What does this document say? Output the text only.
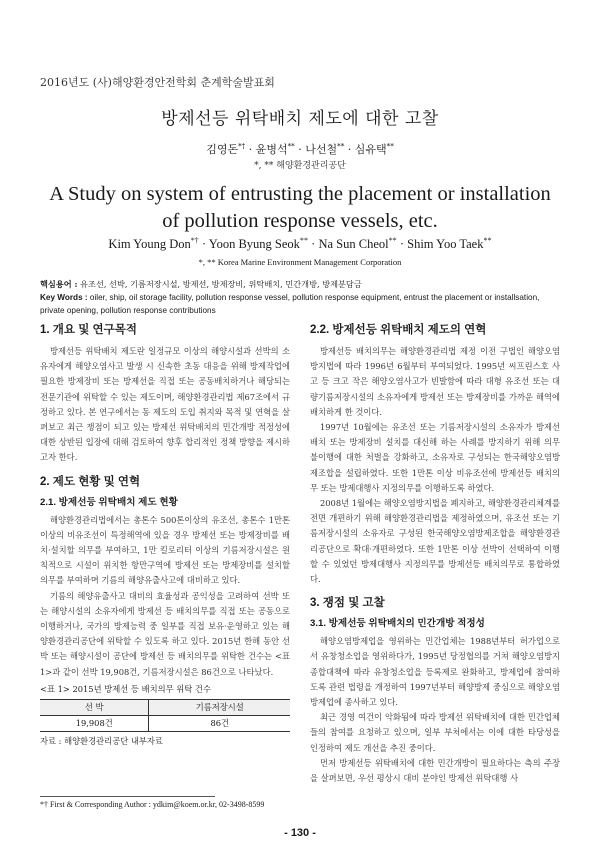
2016년도 (사)해양환경안전학회 춘계학술발표회
방제선등 위탁배치 제도에 대한 고찰
김영돈*† · 윤병석** · 나선철** · 심유택**
*, ** 해양환경관리공단
A Study on system of entrusting the placement or installation of pollution response vessels, etc.
Kim Young Don*† · Yoon Byung Seok** · Na Sun Cheol** · Shim Yoo Taek**
*, ** Korea Marine Environment Management Corporation
핵심용어 : 유조선, 선박, 기름저장시설, 방제선, 방제장비, 위탁배치, 민간개방, 방제분담금
Key Words : oiler, ship, oil storage facility, pollution response vessel, pollution response equipment, entrust the placement or installsation, private opening, pollution response contributions
1. 개요 및 연구목적

방제선등 위탁배치 제도란 일정규모 이상의 해양시설과 선박의 소유자에게 해양오염사고 발생 시 신속한 초동 대응을 위해 방제작업에 필요한 방제장비 또는 방제선을 직접 또는 공동배치하거나 해당되는 전문기관에 위탁할 수 있는 제도이며, 해양환경관리법 제67조에서 규정하고 있다. 본 연구에서는 동 제도의 도입 취지와 목적 및 연혁을 살펴보고 최근 쟁점이 되고 있는 방제선 위탁배치의 민간개방 적정성에 대한 상반된 입장에 대해 검토하여 향후 합리적인 정책 방향을 제시하고자 한다.

2. 제도 현황 및 연혁
2.1. 방제선등 위탁배치 제도 현황

해양환경관리법에서는 총톤수 500톤이상의 유조선, 총톤수 1만톤이상의 비유조선이 특정해역에 있을 경우 방제선 또는 방제장비를 배치·설치할 의무를 부여하고, 1만 킬로리터 이상의 기름저장시설은 원칙적으로 시설이 위치한 항만구역에 방제선 또는 방제장비를 설치할 의무를 부여하며 기름의 해양유출사고에 대비하고 있다.

기름의 해양유출사고 대비의 효율성과 공익성을 고려하여 선박 또는 해양시설의 소유자에게 방제선 등 배치의무를 직접 또는 공동으로 이행하거나, 국가의 방제능력 중 일부를 직접 보유·운영하고 있는 해양환경관리공단에 위탁할 수 있도록 하고 있다. 2015년 한해 동안 선박 또는 해양시설이 공단에 방제선 등 배치의무를 위탁한 건수는 <표1>과 같이 선박 19,908건, 기름저장시설은 86건으로 나타났다.

<표 1> 2015년 방제선 등 배치의무 위탁 건수
선 박	기름저장시설
19,908건	86건
자료 : 해양환경관리공단 내부자료
2.2. 방제선등 위탁배치 제도의 연혁

방제선등 배치의무는 해양환경관리법 제정 이전 구법인 해양오염방지법에 따라 1996년 6월부터 부여되었다. 1995년 씨프린스호 사고 등 크고 작은 해양오염사고가 빈발함에 따라 대형 유조선 또는 대량기름저장시설의 소유자에게 방제선 또는 방제장비를 가까운 해역에 배치하게 한 것이다.

1997년 10월에는 유조선 또는 기름저장시설의 소유자가 방제선 배치 또는 방제장비 설치를 대신해 하는 사례를 방지하기 위해 의무 불이행에 대한 처벌을 강화하고, 소유자로 구성되는 한국해양오염방제조합을 설립하였다. 또한 1만톤 이상 비유조선에 방제선등 배치의무 또는 방제대행사 지정의무를 이행하도록 하였다.

2008년 1월에는 해양오염방지법을 폐지하고, 해양환경관리체계를 전면 개편하기 위해 해양환경관리법을 제정하였으며, 유조선 또는 기름저장시설의 소유자로 구성된 한국해양오염방제조합을 해양환경관리공단으로 확대·개편하였다. 또한 1만톤 이상 선박이 선택하여 이행할 수 있었던 방제대행사 지정의무를 방제선등 배치의무로 통합하였다.

3. 쟁점 및 고찰
3.1. 방제선등 위탁배치의 민간개방 적정성

해양오염방제업을 영위하는 민간업체는 1988년부터 허가업으로서 유창청소업을 영위하다가, 1995년 당정협의를 거쳐 해양오염방지 종합대책에 따라 유창청소업을 등록제로 완화하고, 방제업에 참여하도록 관련 법령을 개정하여 1997년부터 해양방제 중심으로 해양오염방제업에 종사하고 있다.

최근 경영 여건이 악화됨에 따라 방제선 위탁배치에 대한 민간업체들의 참여를 요청하고 있으며, 일부 부처에서는 이에 대한 타당성을 인정하여 제도 개선을 추진 중이다.

먼저 방제선등 위탁배치에 대한 민간개방이 필요하다는 측의 주장을 살펴보면, 우선 평상시 대비 분야인 방제선 위탁대행 사

*† First & Corresponding Author : ydkim@koem.or.kr, 02-3498-8599
- 130 -
